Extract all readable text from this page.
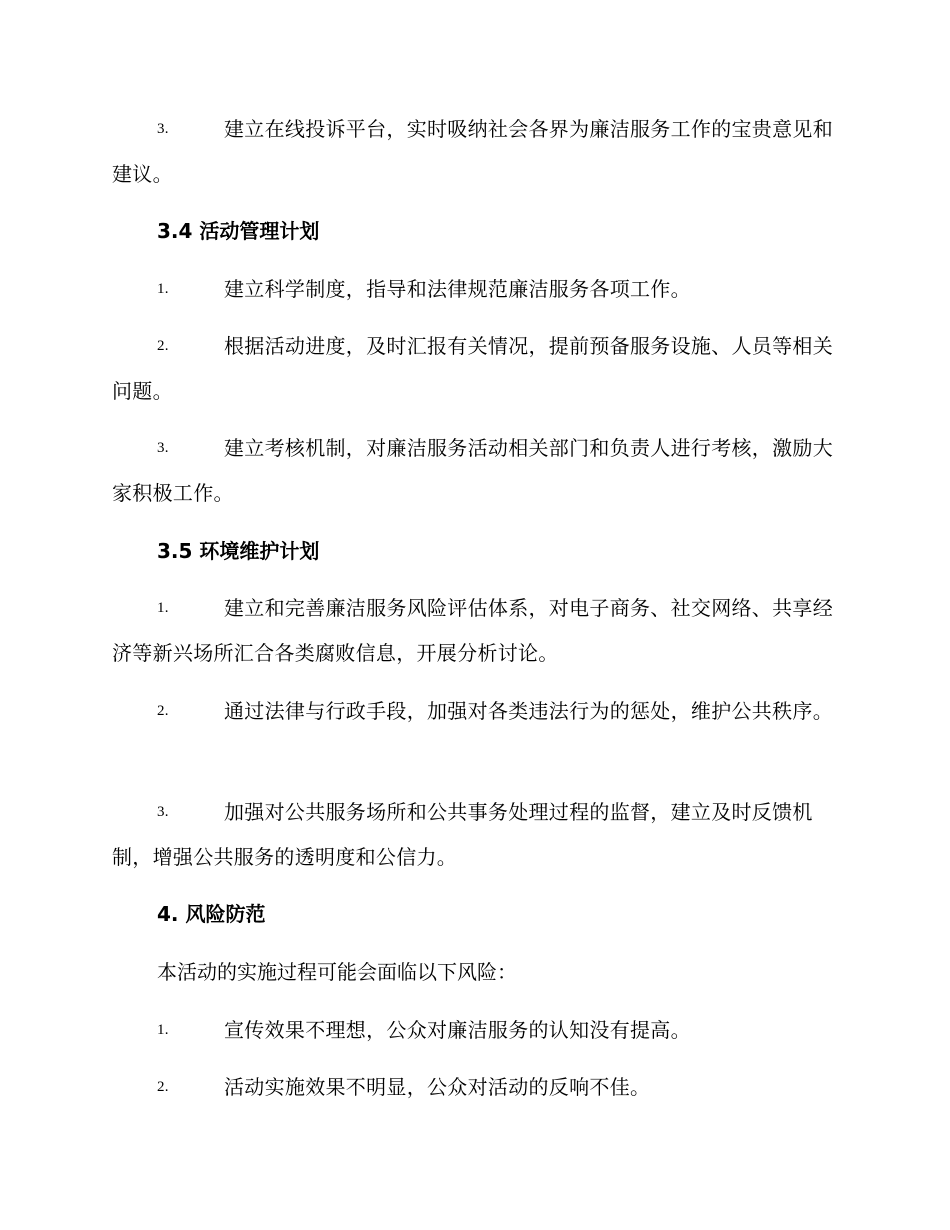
3.	建立在线投诉平台，实时吸纳社会各界为廉洁服务工作的宝贵意见和建议。
3.4 活动管理计划
1.	建立科学制度，指导和法律规范廉洁服务各项工作。
2.	根据活动进度，及时汇报有关情况，提前预备服务设施、人员等相关问题。
3.	建立考核机制，对廉洁服务活动相关部门和负责人进行考核，激励大家积极工作。
3.5 环境维护计划
1.	建立和完善廉洁服务风险评估体系，对电子商务、社交网络、共享经济等新兴场所汇合各类腐败信息，开展分析讨论。
2.	通过法律与行政手段，加强对各类违法行为的惩处，维护公共秩序。
3.	加强对公共服务场所和公共事务处理过程的监督，建立及时反馈机制，增强公共服务的透明度和公信力。
4. 风险防范
本活动的实施过程可能会面临以下风险：
1.	宣传效果不理想，公众对廉洁服务的认知没有提高。
2.	活动实施效果不明显，公众对活动的反响不佳。
